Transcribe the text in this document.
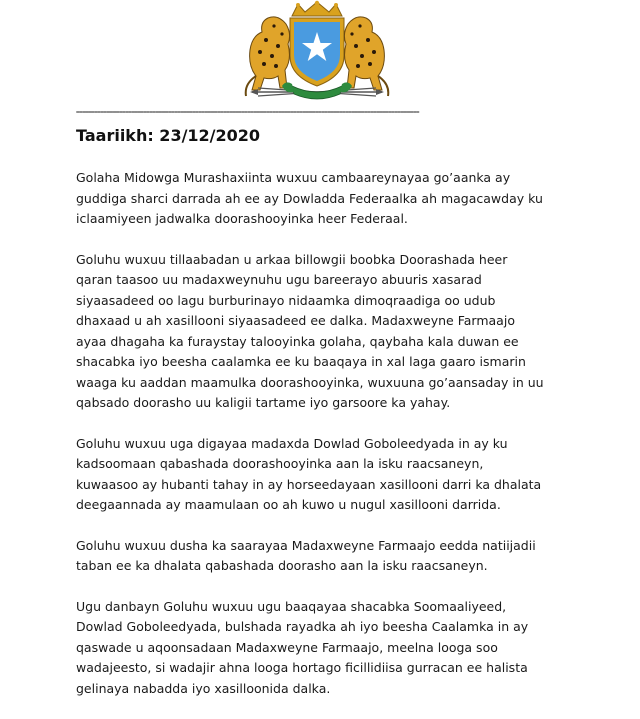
================================================================================================================
Taariikh: 23/12/2020
Golaha Midowga Murashaxiinta wuxuu cambaareynayaa go’aanka ay
guddiga sharci darrada ah ee ay Dowladda Federaalka ah magacawday ku
iclaamiyeen jadwalka doorashooyinka heer Federaal.
Goluhu wuxuu tillaabadan u arkaa billowgii boobka Doorashada heer
qaran taasoo uu madaxweynuhu ugu bareerayo abuuris xasarad
siyaasadeed oo lagu burburinayo nidaamka dimoqraadiga oo udub
dhaxaad u ah xasillooni siyaasadeed ee dalka. Madaxweyne Farmaajo
ayaa dhagaha ka furaystay talooyinka golaha, qaybaha kala duwan ee
shacabka iyo beesha caalamka ee ku baaqaya in xal laga gaaro ismarin
waaga ku aaddan maamulka doorashooyinka, wuxuuna go’aansaday in uu
qabsado doorasho uu kaligii tartame iyo garsoore ka yahay.
Goluhu wuxuu uga digayaa madaxda Dowlad Goboleedyada in ay ku
kadsoomaan qabashada doorashooyinka aan la isku raacsaneyn,
kuwaasoo ay hubanti tahay in ay horseedayaan xasillooni darri ka dhalata
deegaannada ay maamulaan oo ah kuwo u nugul xasillooni darrida.
Goluhu wuxuu dusha ka saarayaa Madaxweyne Farmaajo eedda natiijadii
taban ee ka dhalata qabashada doorasho aan la isku raacsaneyn.
Ugu danbayn Goluhu wuxuu ugu baaqayaa shacabka Soomaaliyeed,
Dowlad Goboleedyada, bulshada rayadka ah iyo beesha Caalamka in ay
qaswade u aqoonsadaan Madaxweyne Farmaajo, meelna looga soo
wadajeesto, si wadajir ahna looga hortago ficillidiisa gurracan ee halista
gelinaya nabadda iyo xasilloonida dalka.
